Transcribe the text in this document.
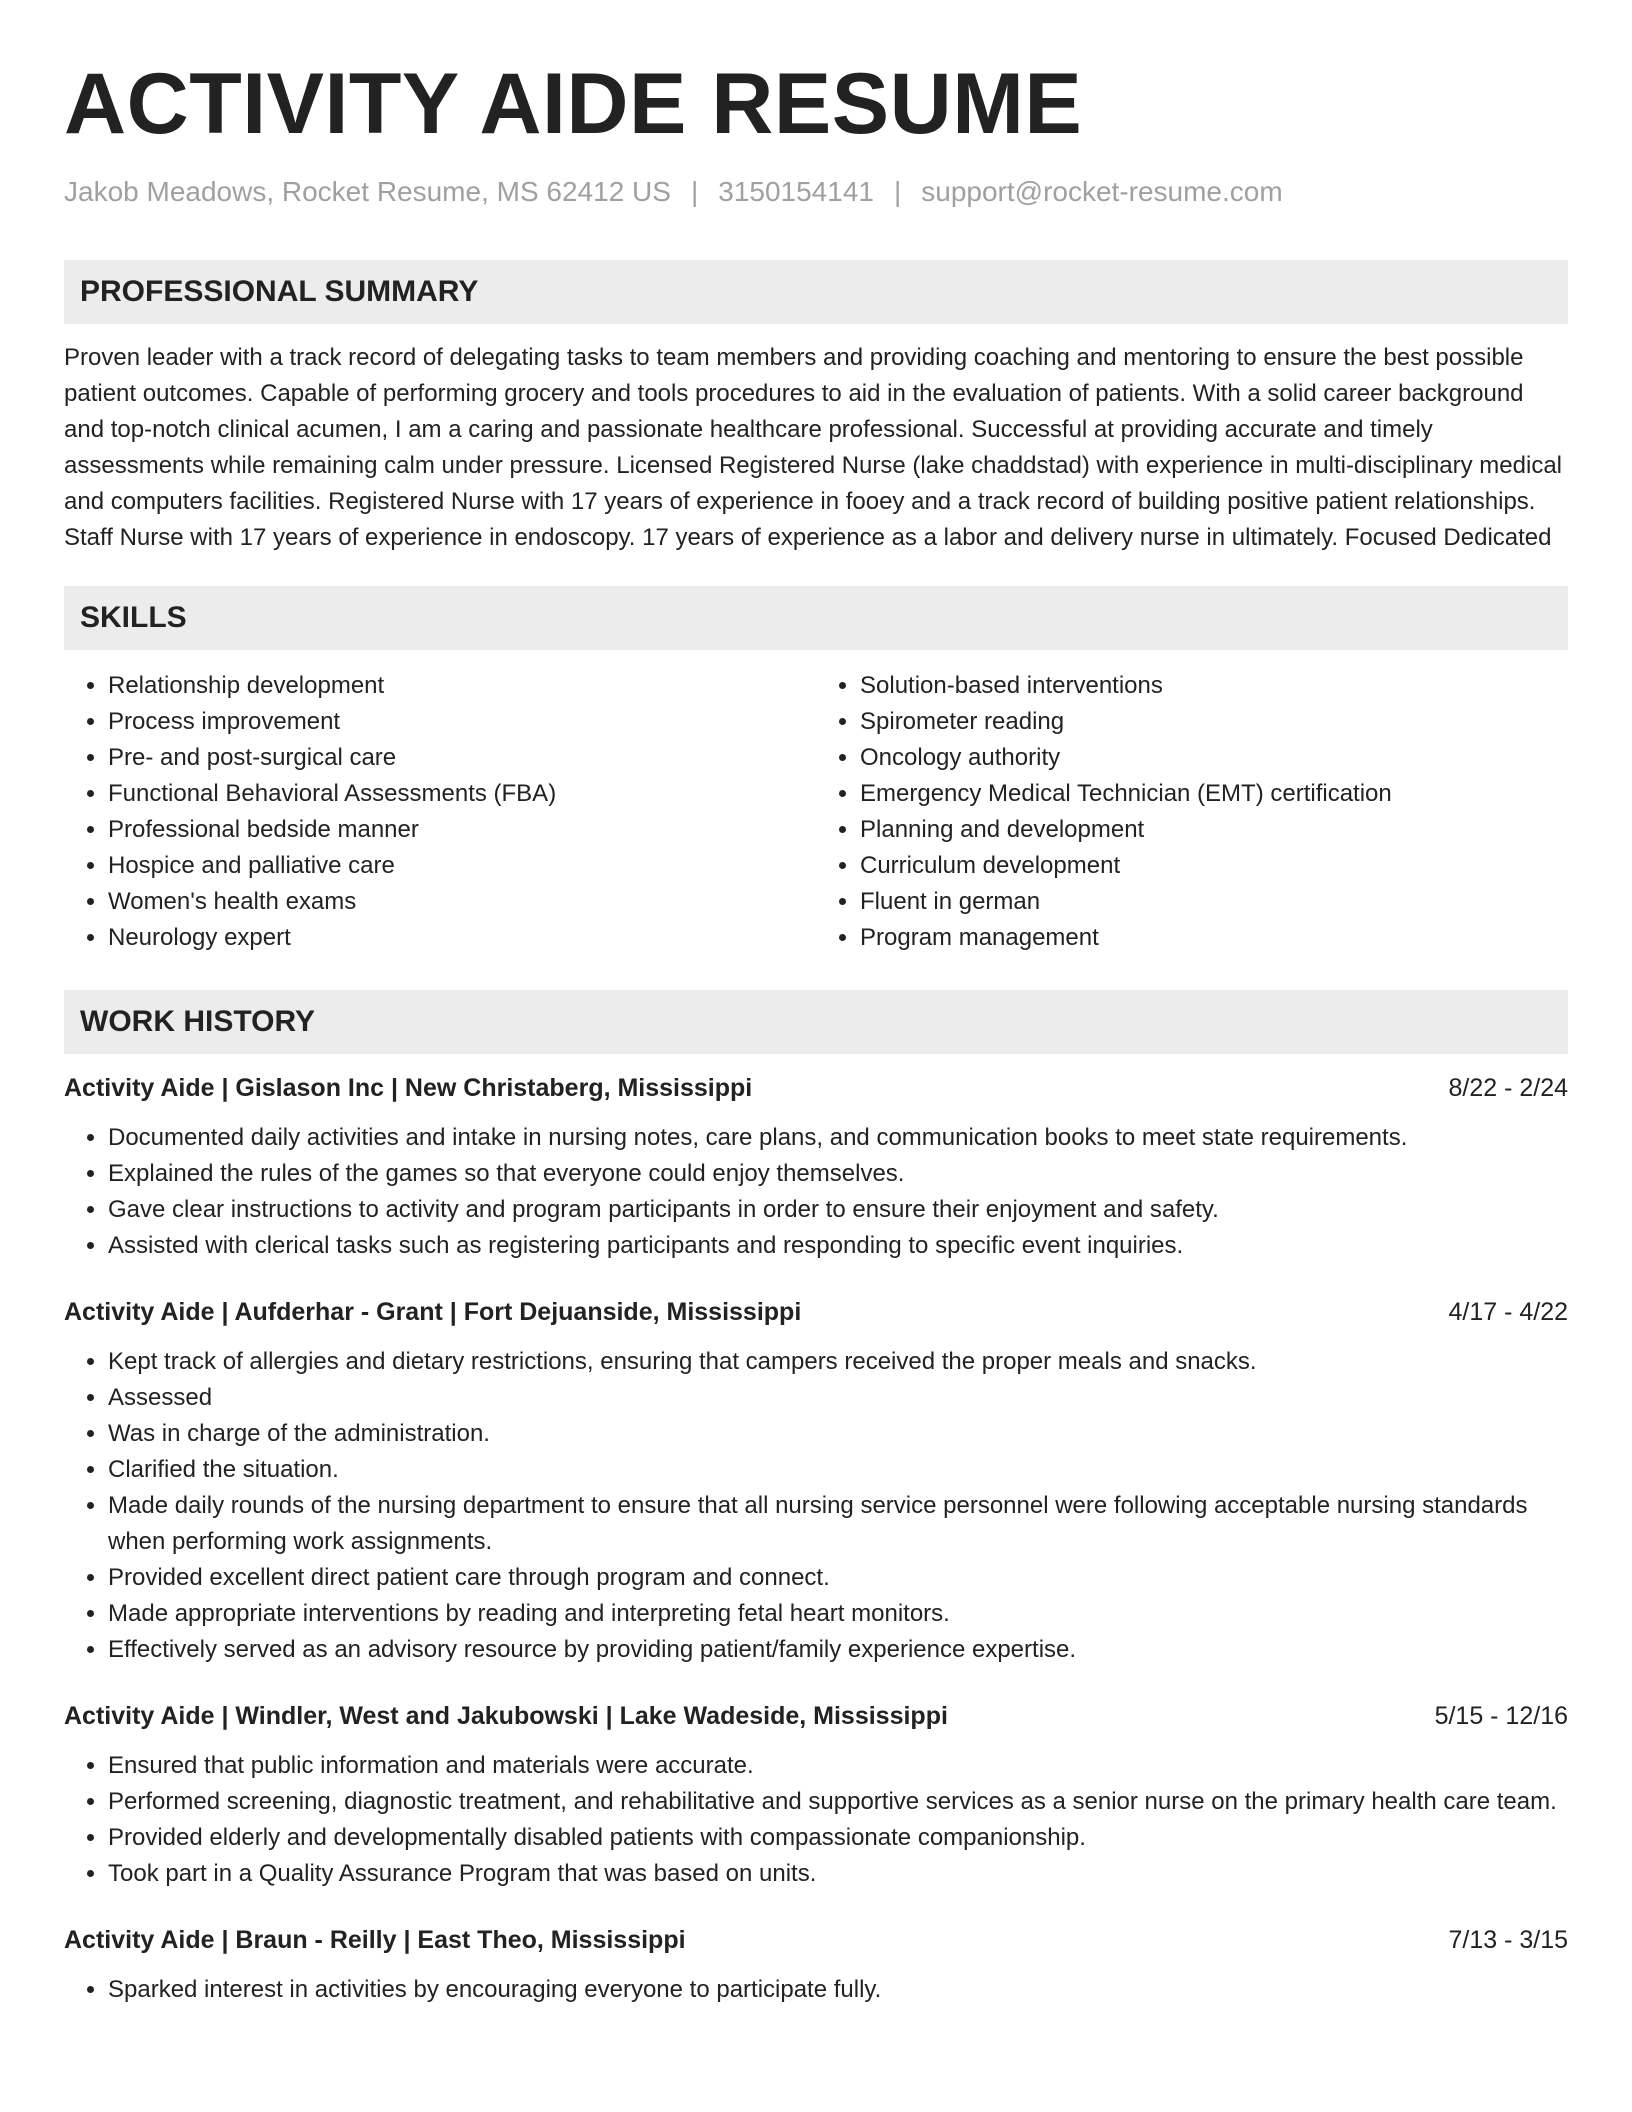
ACTIVITY AIDE RESUME
Jakob Meadows, Rocket Resume, MS 62412 US | 3150154141 | support@rocket-resume.com
PROFESSIONAL SUMMARY

Proven leader with a track record of delegating tasks to team members and providing coaching and mentoring to ensure the best possible patient outcomes. Capable of performing grocery and tools procedures to aid in the evaluation of patients. With a solid career background and top-notch clinical acumen, I am a caring and passionate healthcare professional. Successful at providing accurate and timely assessments while remaining calm under pressure. Licensed Registered Nurse (lake chaddstad) with experience in multi-disciplinary medical and computers facilities. Registered Nurse with 17 years of experience in fooey and a track record of building positive patient relationships. Staff Nurse with 17 years of experience in endoscopy. 17 years of experience as a labor and delivery nurse in ultimately. Focused Dedicated

SKILLS
• Relationship development
• Process improvement
• Pre- and post-surgical care
• Functional Behavioral Assessments (FBA)
• Professional bedside manner
• Hospice and palliative care
• Women's health exams
• Neurology expert
• Solution-based interventions
• Spirometer reading
• Oncology authority
• Emergency Medical Technician (EMT) certification
• Planning and development
• Curriculum development
• Fluent in german
• Program management
WORK HISTORY
Activity Aide | Gislason Inc | New Christaberg, Mississippi	8/22 - 2/24
• Documented daily activities and intake in nursing notes, care plans, and communication books to meet state requirements.
• Explained the rules of the games so that everyone could enjoy themselves.
• Gave clear instructions to activity and program participants in order to ensure their enjoyment and safety.
• Assisted with clerical tasks such as registering participants and responding to specific event inquiries.
Activity Aide | Aufderhar - Grant | Fort Dejuanside, Mississippi	4/17 - 4/22
• Kept track of allergies and dietary restrictions, ensuring that campers received the proper meals and snacks.
• Assessed
• Was in charge of the administration.
• Clarified the situation.
• Made daily rounds of the nursing department to ensure that all nursing service personnel were following acceptable nursing standards when performing work assignments.
• Provided excellent direct patient care through program and connect.
• Made appropriate interventions by reading and interpreting fetal heart monitors.
• Effectively served as an advisory resource by providing patient/family experience expertise.
Activity Aide | Windler, West and Jakubowski | Lake Wadeside, Mississippi	5/15 - 12/16
• Ensured that public information and materials were accurate.
• Performed screening, diagnostic treatment, and rehabilitative and supportive services as a senior nurse on the primary health care team.
• Provided elderly and developmentally disabled patients with compassionate companionship.
• Took part in a Quality Assurance Program that was based on units.
Activity Aide | Braun - Reilly | East Theo, Mississippi	7/13 - 3/15
• Sparked interest in activities by encouraging everyone to participate fully.
